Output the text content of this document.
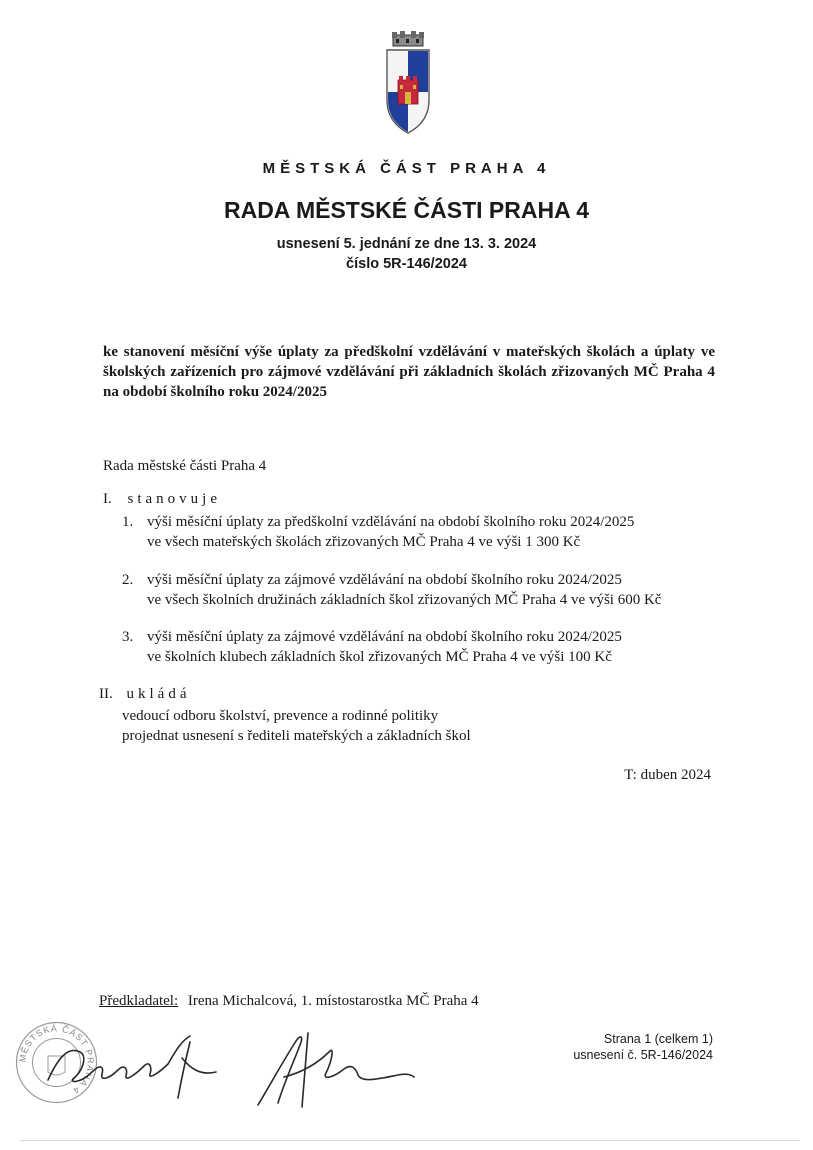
MĚSTSKÁ ČÁST PRAHA 4
RADA MĚSTSKÉ ČÁSTI PRAHA 4
usnesení 5. jednání ze dne 13. 3. 2024
číslo 5R-146/2024
ke stanovení měsíční výše úplaty za předškolní vzdělávání v mateřských školách a úplaty ve školských zařízeních pro zájmové vzdělávání při základních školách zřizovaných MČ Praha 4 na období školního roku 2024/2025
Rada městské části Praha 4
I. stanovuje
1. výši měsíční úplaty za předškolní vzdělávání na období školního roku 2024/2025
ve všech mateřských školách zřizovaných MČ Praha 4 ve výši 1 300 Kč
2. výši měsíční úplaty za zájmové vzdělávání na období školního roku 2024/2025
ve všech školních družinách základních škol zřizovaných MČ Praha 4 ve výši 600 Kč
3. výši měsíční úplaty za zájmové vzdělávání na období školního roku 2024/2025
ve školních klubech základních škol zřizovaných MČ Praha 4 ve výši 100 Kč
II. ukládá
vedoucí odboru školství, prevence a rodinné politiky
projednat usnesení s řediteli mateřských a základních škol
T: duben 2024
Předkladatel: Irena Michalcová, 1. místostarostka MČ Praha 4
Strana 1 (celkem 1)
usnesení č. 5R-146/2024
MĚSTSKÁ ČÁST PRAHA 4
